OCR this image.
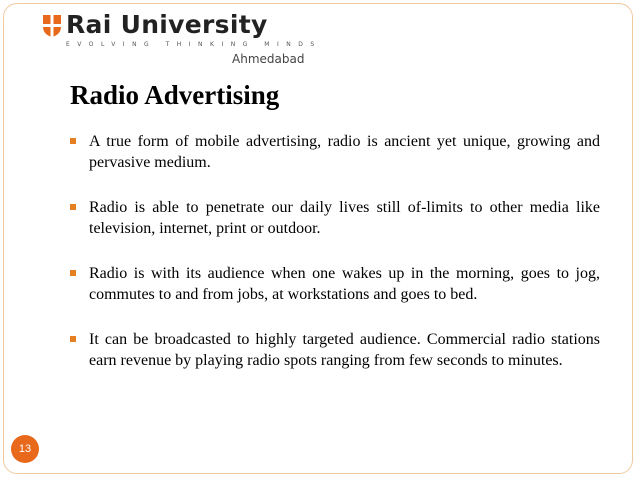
Rai University
EVOLVING THINKING MINDS
Ahmedabad
Radio Advertising
A true form of mobile advertising, radio is ancient yet unique, growing and pervasive medium.
Radio is able to penetrate our daily lives still of-limits to other media like television, internet, print or outdoor.
Radio is with its audience when one wakes up in the morning, goes to jog, commutes to and from jobs, at workstations and goes to bed.
It can be broadcasted to highly targeted audience. Commercial radio stations earn revenue by playing radio spots ranging from few seconds to minutes.
13
